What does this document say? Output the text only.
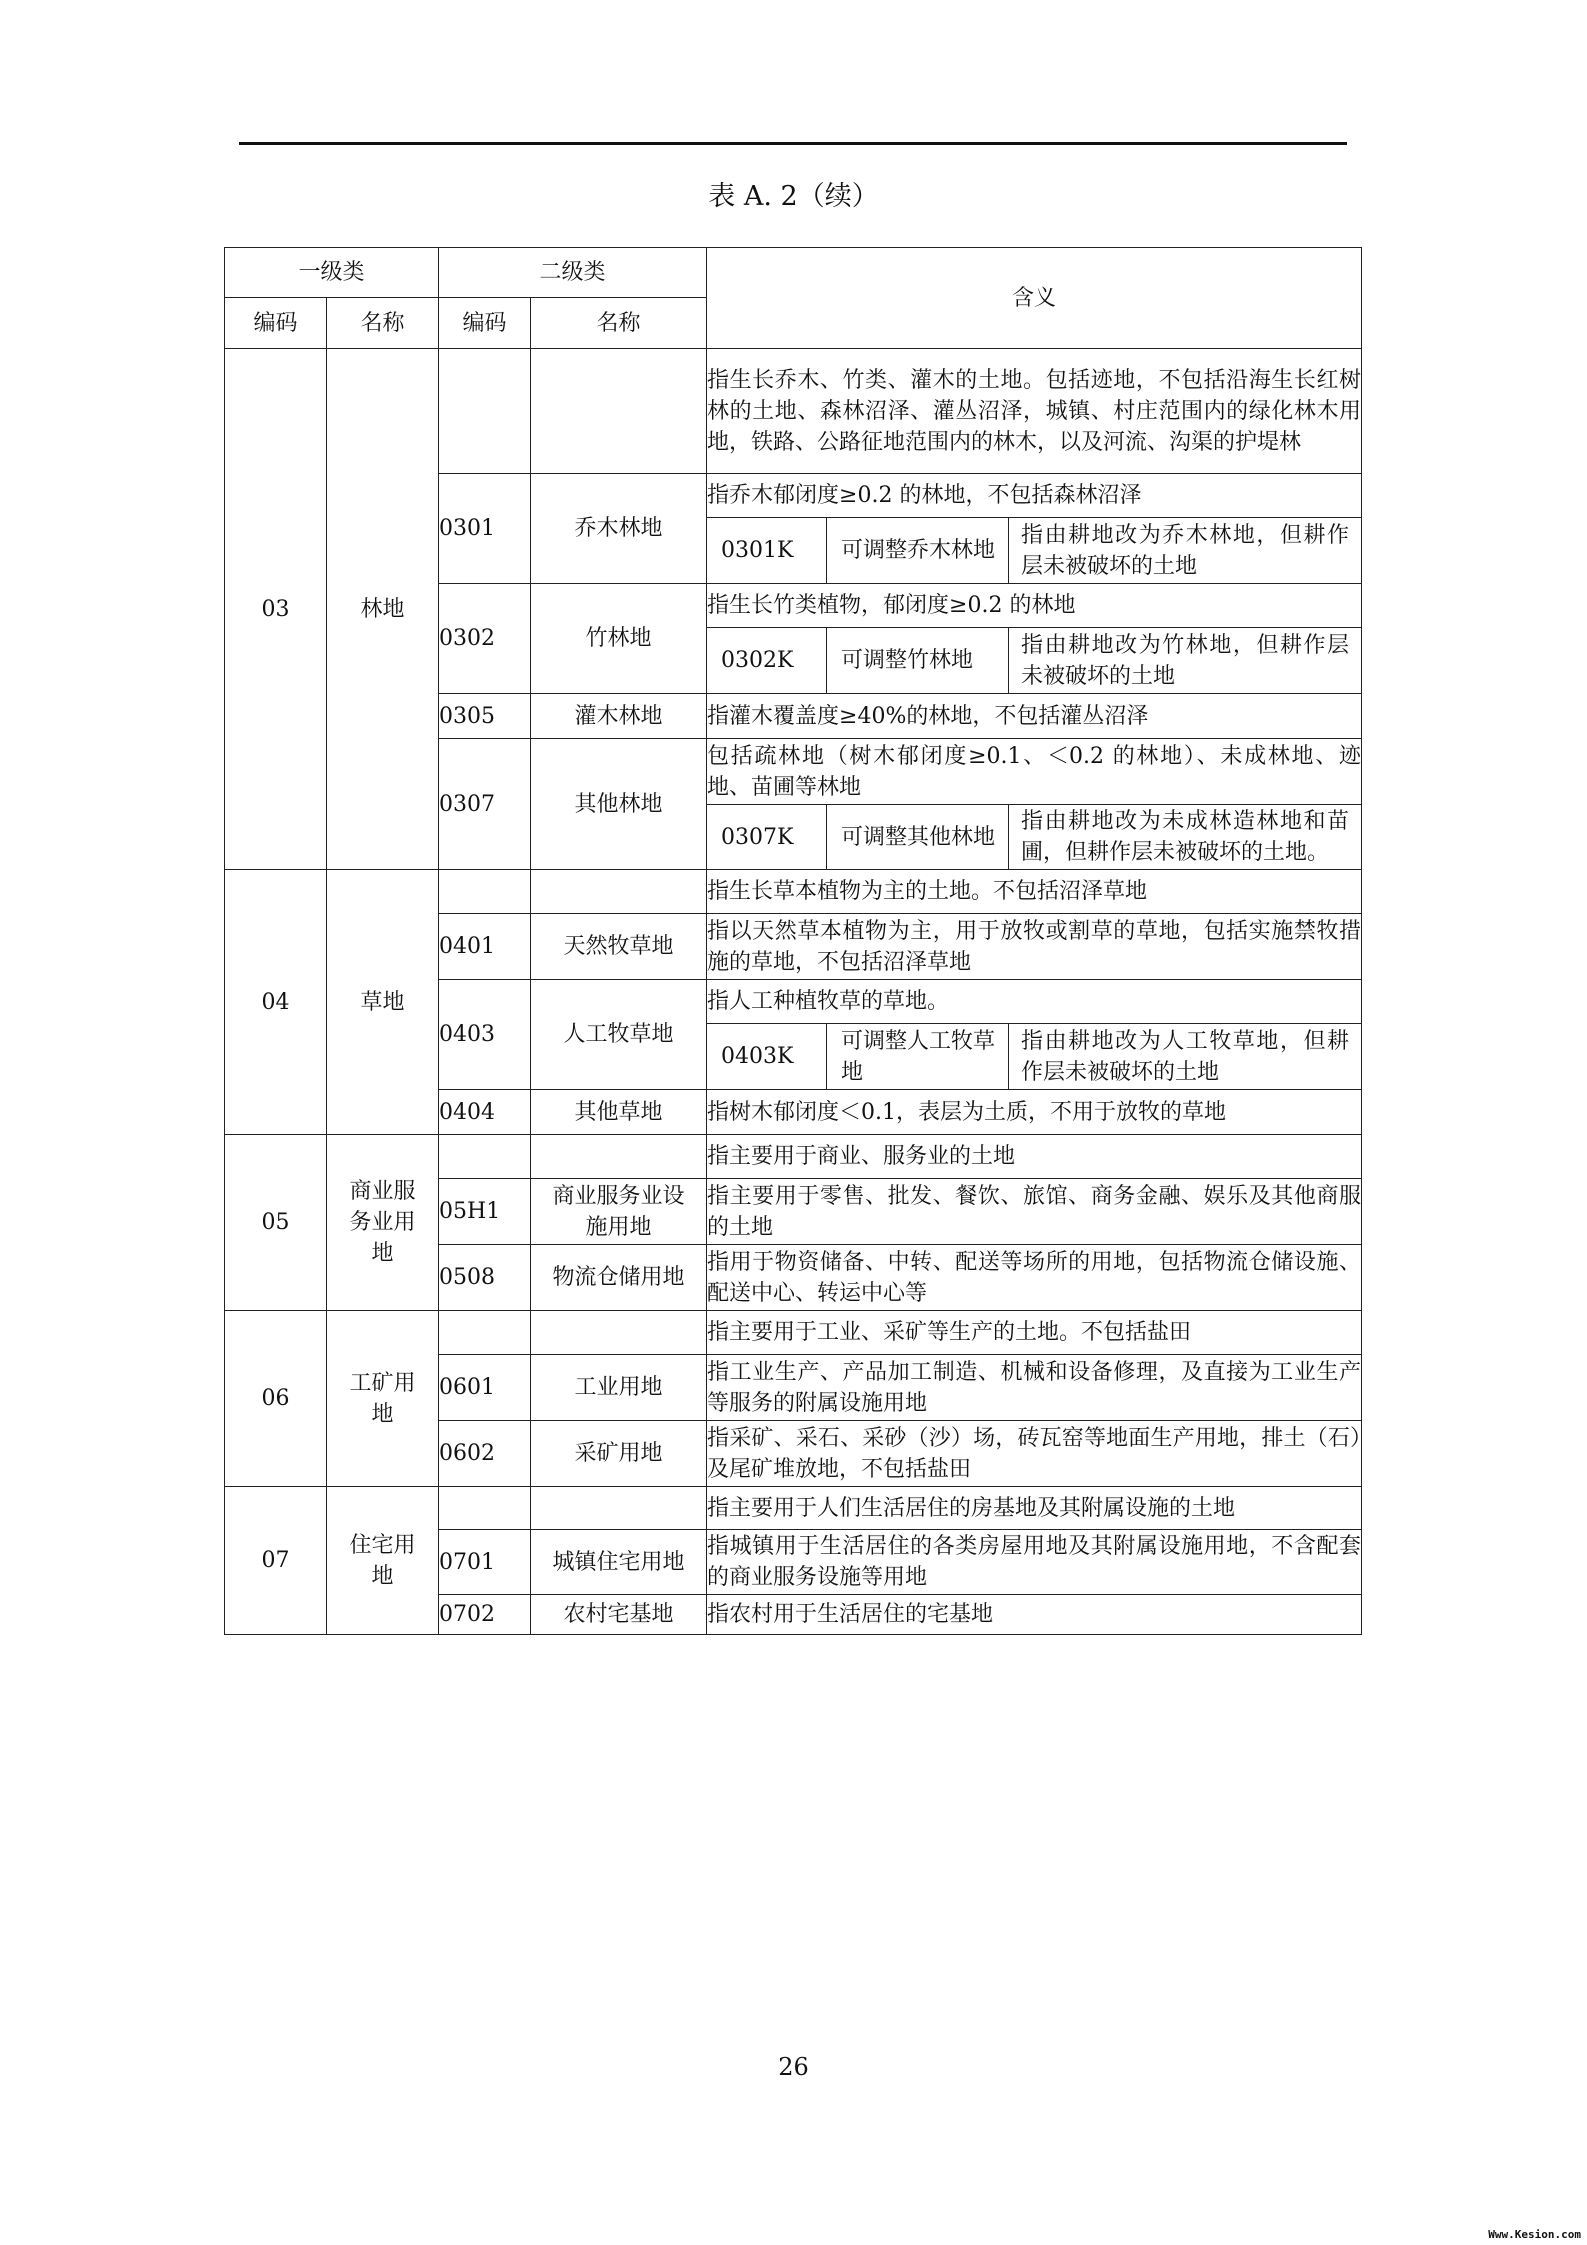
表 A. 2（续）
一级类	二级类	含义
编码	名称	编码	名称
03	林地			指生长乔木、竹类、灌木的土地。包括迹地，不包括沿海生长红树林的土地、森林沼泽、灌丛沼泽，城镇、村庄范围内的绿化林木用地，铁路、公路征地范围内的林木，以及河流、沟渠的护堤林
0301	乔木林地	指乔木郁闭度≥0.2 的林地，不包括森林沼泽

0301K	可调整乔木林地	指由耕地改为乔木林地，但耕作层未被破坏的土地

0302	竹林地	指生长竹类植物，郁闭度≥0.2 的林地

0302K	可调整竹林地	指由耕地改为竹林地，但耕作层未被破坏的土地

0305	灌木林地	指灌木覆盖度≥40%的林地，不包括灌丛沼泽
0307	其他林地	包括疏林地（树木郁闭度≥0.1、＜0.2 的林地）、未成林地、迹地、苗圃等林地

0307K	可调整其他林地	指由耕地改为未成林造林地和苗圃，但耕作层未被破坏的土地。

04	草地			指生长草本植物为主的土地。不包括沼泽草地
0401	天然牧草地	指以天然草本植物为主，用于放牧或割草的草地，包括实施禁牧措施的草地，不包括沼泽草地
0403	人工牧草地	指人工种植牧草的草地。

0403K	可调整人工牧草地	指由耕地改为人工牧草地，但耕作层未被破坏的土地

0404	其他草地	指树木郁闭度＜0.1，表层为土质，不用于放牧的草地
05	商业服务业用地			指主要用于商业、服务业的土地
05H1	商业服务业设施用地	指主要用于零售、批发、餐饮、旅馆、商务金融、娱乐及其他商服的土地
0508	物流仓储用地	指用于物资储备、中转、配送等场所的用地，包括物流仓储设施、配送中心、转运中心等
06	工矿用地			指主要用于工业、采矿等生产的土地。不包括盐田
0601	工业用地	指工业生产、产品加工制造、机械和设备修理，及直接为工业生产等服务的附属设施用地
0602	采矿用地	指采矿、采石、采砂（沙）场，砖瓦窑等地面生产用地，排土（石）及尾矿堆放地，不包括盐田
07	住宅用地			指主要用于人们生活居住的房基地及其附属设施的土地
0701	城镇住宅用地	指城镇用于生活居住的各类房屋用地及其附属设施用地，不含配套的商业服务设施等用地
0702	农村宅基地	指农村用于生活居住的宅基地
26
Www.Kesion.com
